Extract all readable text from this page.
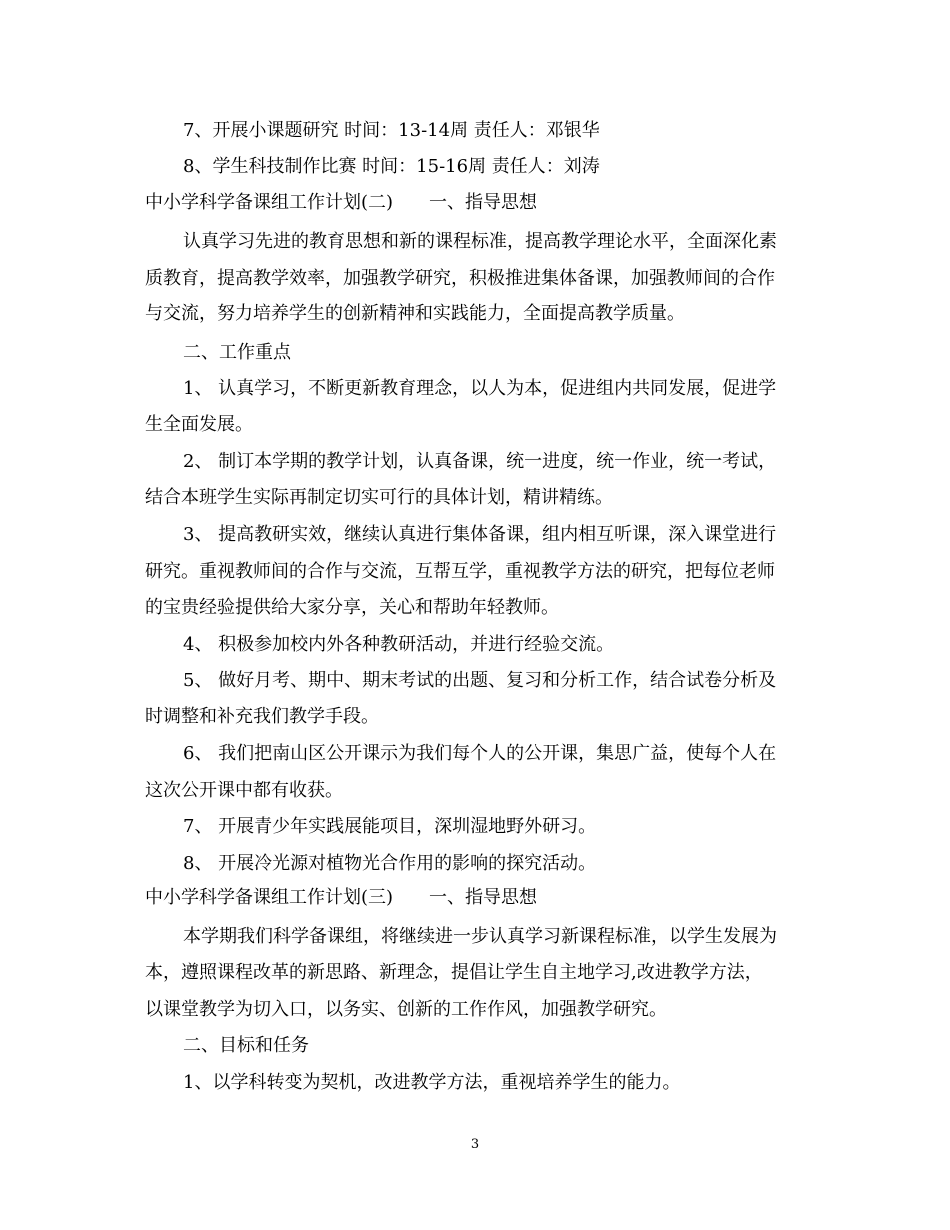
7、开展小课题研究 时间：13-14周 责任人：邓银华
8、学生科技制作比赛 时间：15-16周 责任人：刘涛
中小学科学备课组工作计划(二) 一、指导思想
认真学习先进的教育思想和新的课程标准，提高教学理论水平，全面深化素
质教育，提高教学效率，加强教学研究，积极推进集体备课，加强教师间的合作
与交流，努力培养学生的创新精神和实践能力，全面提高教学质量。
二、工作重点
1、 认真学习，不断更新教育理念，以人为本，促进组内共同发展，促进学
生全面发展。
2、 制订本学期的教学计划，认真备课，统一进度，统一作业，统一考试，
结合本班学生实际再制定切实可行的具体计划，精讲精练。
3、 提高教研实效，继续认真进行集体备课，组内相互听课，深入课堂进行
研究。重视教师间的合作与交流，互帮互学，重视教学方法的研究，把每位老师
的宝贵经验提供给大家分享，关心和帮助年轻教师。
4、 积极参加校内外各种教研活动，并进行经验交流。
5、 做好月考、期中、期末考试的出题、复习和分析工作，结合试卷分析及
时调整和补充我们教学手段。
6、 我们把南山区公开课示为我们每个人的公开课，集思广益，使每个人在
这次公开课中都有收获。
7、 开展青少年实践展能项目，深圳湿地野外研习。
8、 开展冷光源对植物光合作用的影响的探究活动。
中小学科学备课组工作计划(三) 一、指导思想
本学期我们科学备课组，将继续进一步认真学习新课程标准，以学生发展为
本，遵照课程改革的新思路、新理念，提倡让学生自主地学习,改进教学方法，
以课堂教学为切入口，以务实、创新的工作作风，加强教学研究。
二、目标和任务
1、以学科转变为契机，改进教学方法，重视培养学生的能力。
3
